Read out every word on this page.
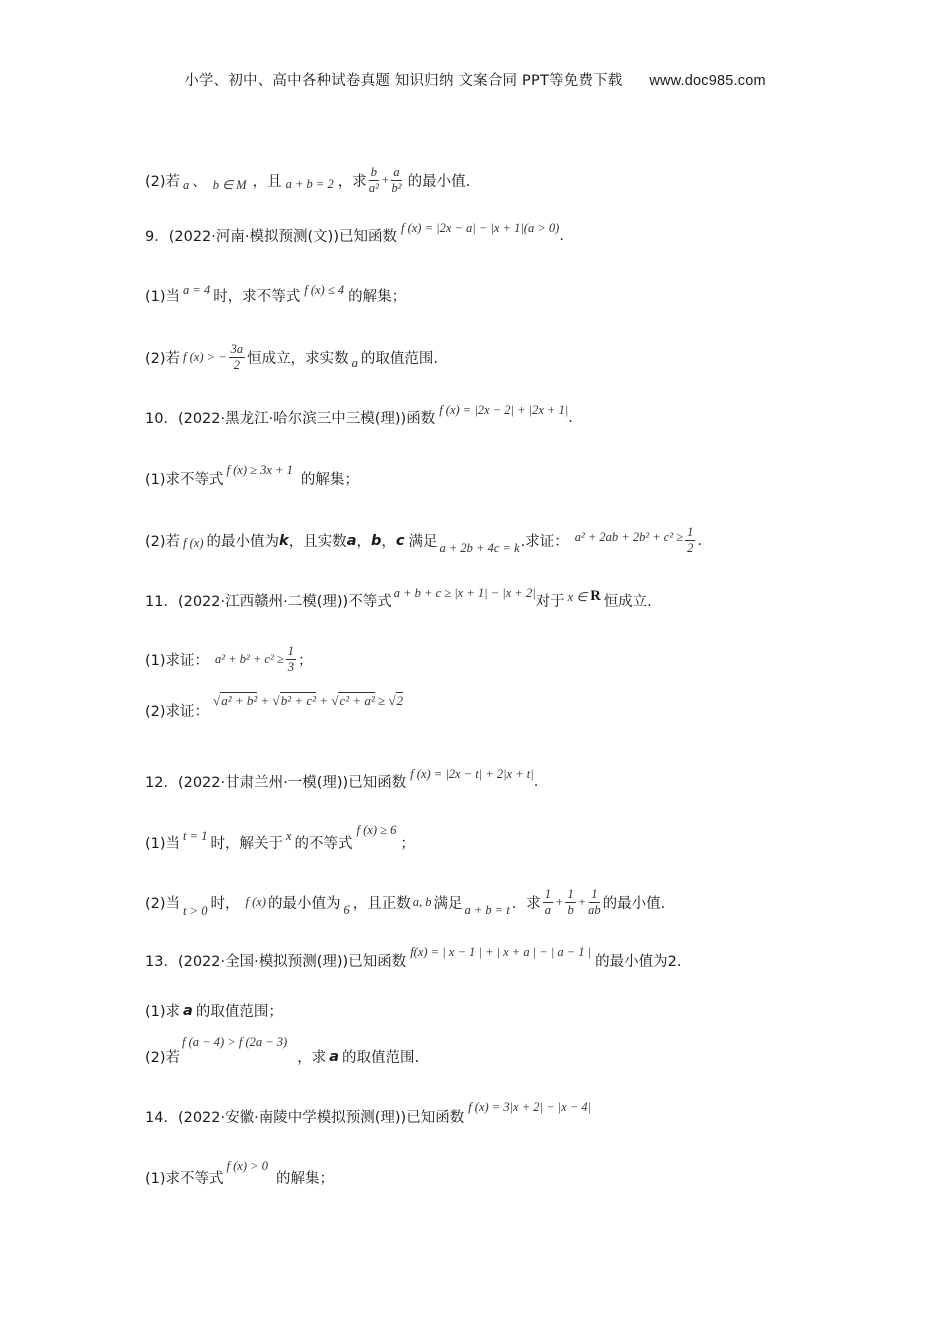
小学、初中、高中各种试卷真题 知识归纳 文案合同 PPT等免费下载 www.doc985.com
(2)若 a 、 b ∈ M ，且 a + b = 2 ，求 $\frac{b}{\text{a²}} + \frac{a}{\text{b²}}$ 的最小值.
9．(2022·河南·模拟预测(文))已知函数
f (x) = |2x − a| − |x + 1|(a > 0) .
(1)当 a = 4 时，求不等式 f (x) ≤ 4 的解集；
(2)若 f (x) > − $\frac{3a}{2}$ 恒成立，求实数 a 的取值范围.
10．(2022·黑龙江·哈尔滨三中三模(理))函数
f (x) = |2x − 2| + |2x + 1| .
(1)求不等式
f (x) ≥ 3x + 1
的解集；
(2)若 f (x) 的最小值为 k ，且实数 a ， b ， c 满足 a + 2b + 4c = k .求证： $a^2 + 2ab + 2b^2 + c^2 \ge \frac{1}{2}$ .
11．(2022·江西赣州·二模(理))不等式
a + b + c ≥ |x + 1| − |x + 2|
对于 x ∈ R 恒成立.
(1)求证： $a^2 + b^2 + c^2 \ge \frac{1}{3}$ ；
(2)求证：
√a² + b² + √b² + c² + √c² + a² ≥ √2
12．(2022·甘肃兰州·一模(理))已知函数
f (x) = |2x − t| + 2|x + t| .
(1)当 t = 1 时，解关于 x 的不等式
f (x) ≥ 6
；
(2)当 t > 0 时， f (x) 的最小值为 6 ，且正数 a, b 满足 a + b = t ．求 $\frac{1}{a} + \frac{1}{b} + \frac{1}{ab}$ 的最小值.
13．(2022·全国·模拟预测(理))已知函数
f(x) = | x − 1 | + | x + a | − | a − 1 |
的最小值为2.
(1)求 a 的取值范围；
(2)若
f (a − 4) > f (2a − 3)
，求 a 的取值范围.
14．(2022·安徽·南陵中学模拟预测(理))已知函数
f (x) = 3|x + 2| − |x − 4|
(1)求不等式
f (x) > 0
的解集；
